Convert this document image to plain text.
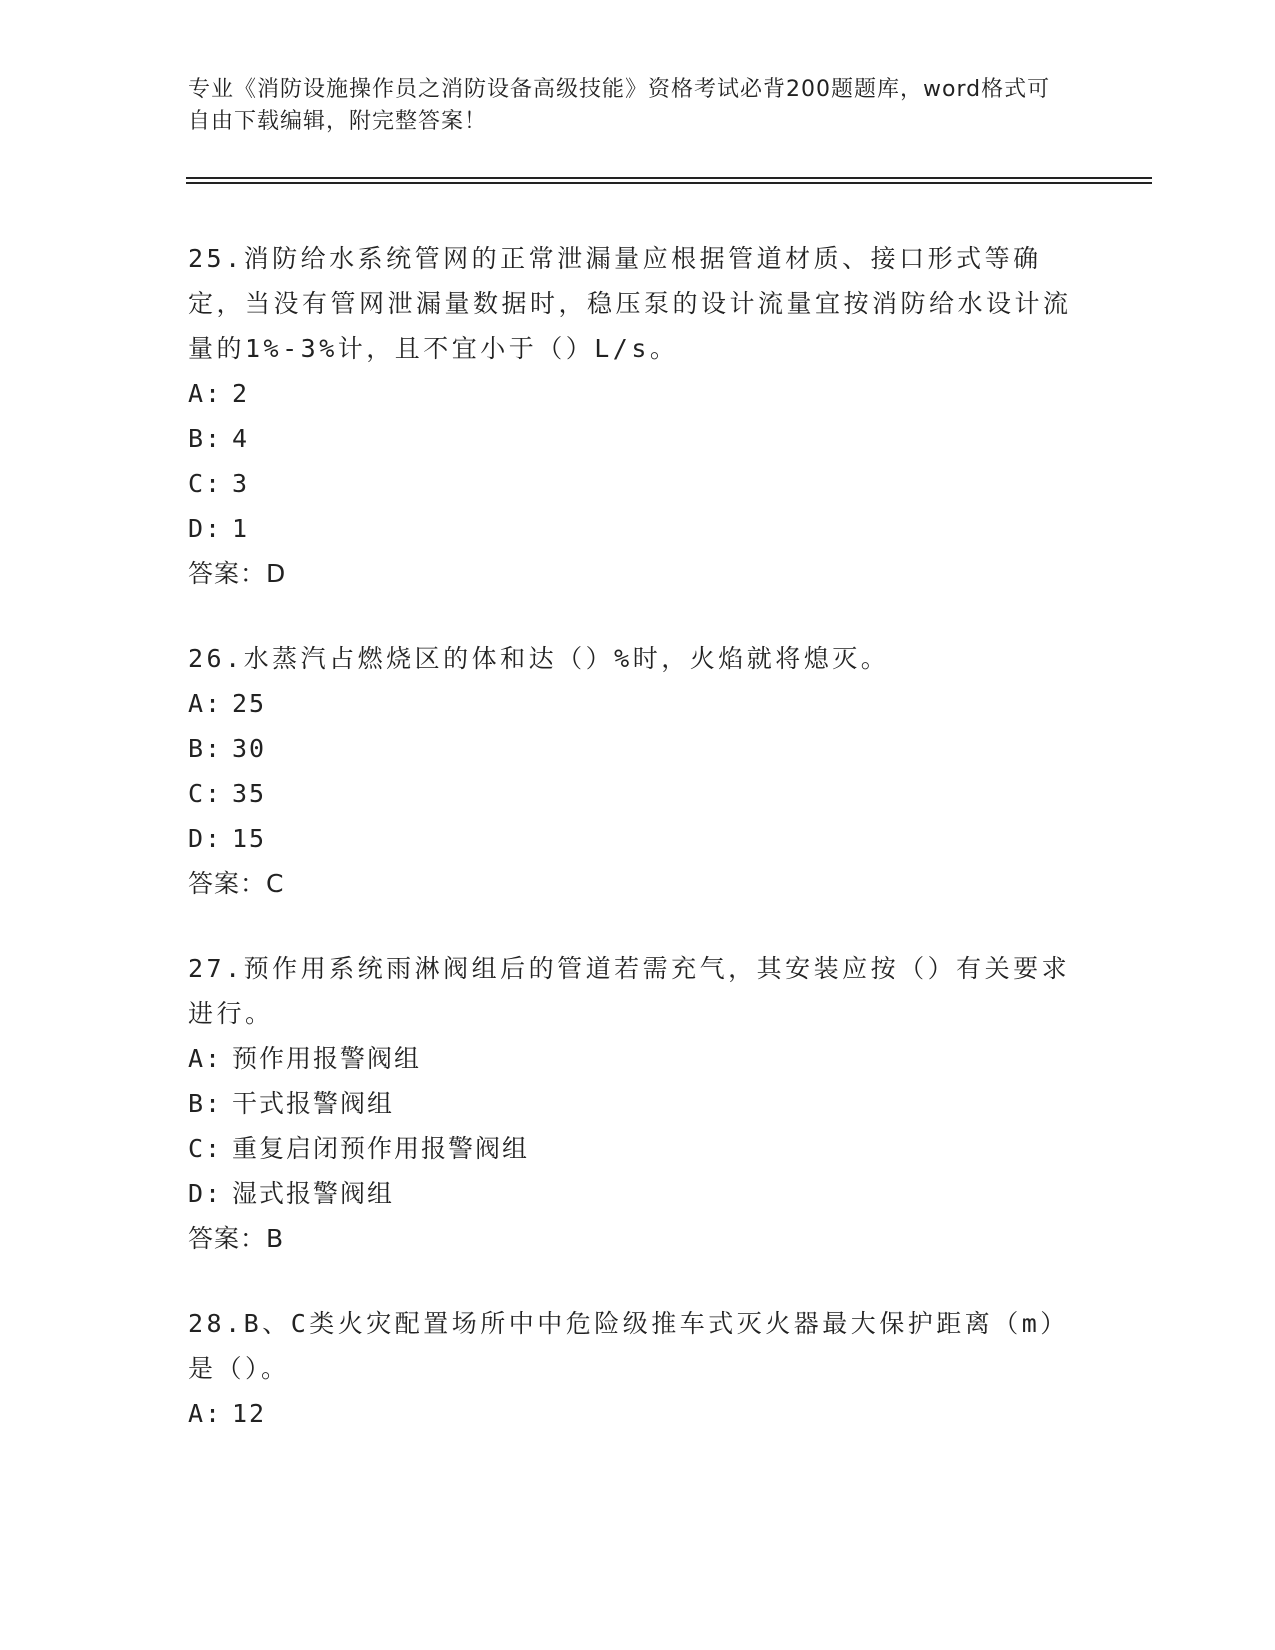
专业《消防设施操作员之消防设备高级技能》资格考试必背200题题库，word格式可自由下载编辑，附完整答案！

25.消防给水系统管网的正常泄漏量应根据管道材质、接口形式等确定，当没有管网泄漏量数据时，稳压泵的设计流量宜按消防给水设计流量的1%-3%计，且不宜小于（）L/s。

A: 2

B: 4

C: 3

D: 1

答案：D

26.水蒸汽占燃烧区的体和达（）%时，火焰就将熄灭。

A: 25

B: 30

C: 35

D: 15

答案：C

27.预作用系统雨淋阀组后的管道若需充气，其安装应按（）有关要求进行。

A: 预作用报警阀组

B: 干式报警阀组

C: 重复启闭预作用报警阀组

D: 湿式报警阀组

答案：B

28.B、C类火灾配置场所中中危险级推车式灭火器最大保护距离（m）是（）。

A: 12
